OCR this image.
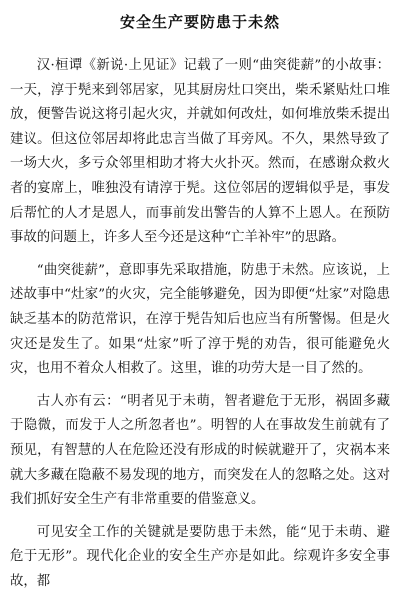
安全生产要防患于未然

汉·桓谭《新说·上见证》记载了一则“曲突徙薪”的小故事：一天，淳于髡来到邻居家，见其厨房灶口突出，柴禾紧贴灶口堆放，便警告说这将引起火灾，并就如何改灶，如何堆放柴禾提出建议。但这位邻居却将此忠言当做了耳旁风。不久，果然导致了一场大火，多亏众邻里相助才将大火扑灭。然而，在感谢众救火者的宴席上，唯独没有请淳于髡。这位邻居的逻辑似乎是，事发后帮忙的人才是恩人，而事前发出警告的人算不上恩人。在预防事故的问题上，许多人至今还是这种“亡羊补牢”的思路。

“曲突徙薪”，意即事先采取措施，防患于未然。应该说，上述故事中“灶家”的火灾，完全能够避免，因为即便“灶家”对隐患缺乏基本的防范常识，在淳于髡告知后也应当有所警惕。但是火灾还是发生了。如果“灶家”听了淳于髡的劝告，很可能避免火灾，也用不着众人相救了。这里，谁的功劳大是一目了然的。

古人亦有云：“明者见于未萌，智者避危于无形，祸固多藏于隐微，而发于人之所忽者也”。明智的人在事故发生前就有了预见，有智慧的人在危险还没有形成的时候就避开了，灾祸本来就大多藏在隐蔽不易发现的地方，而突发在人的忽略之处。这对我们抓好安全生产有非常重要的借鉴意义。

可见安全工作的关键就是要防患于未然，能“见于未萌、避危于无形”。现代化企业的安全生产亦是如此。综观许多安全事故，都
